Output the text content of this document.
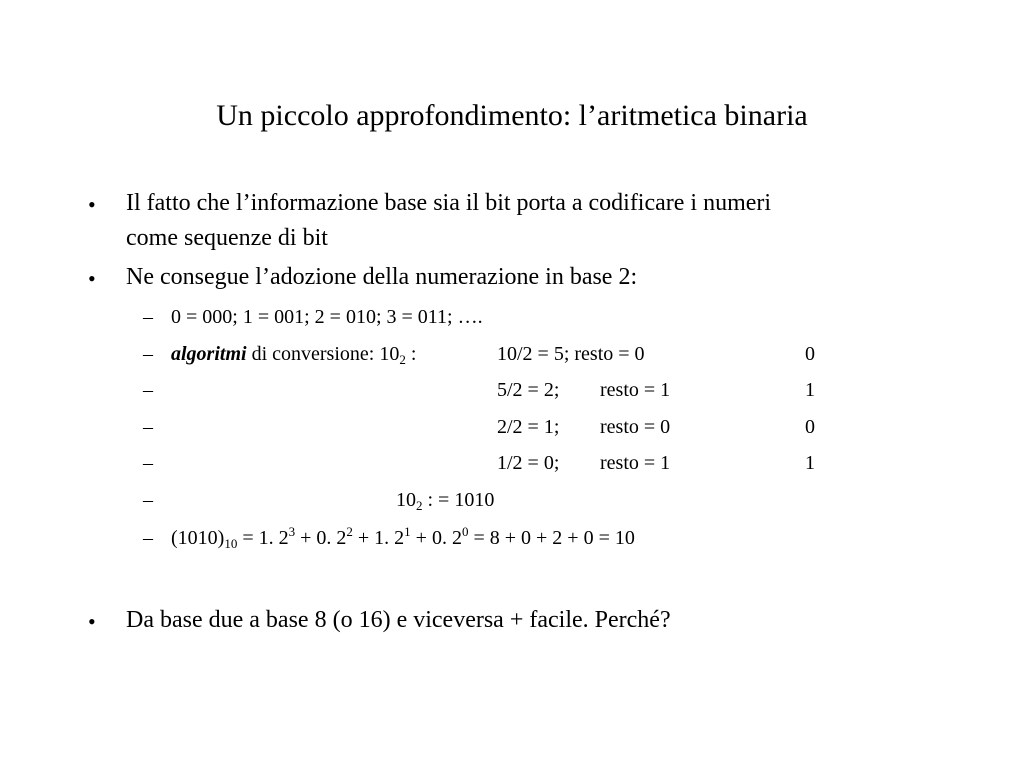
Un piccolo approfondimento: l’aritmetica binaria
• Il fatto che l’informazione base sia il bit porta a codificare i numeri
come sequenze di bit
• Ne consegue l’adozione della numerazione in base 2:
– 0 = 000; 1 = 001; 2 = 010; 3 = 011; ….
– algoritmi di conversione: $10_2$ :	10/2 = 5; resto = 0	0
–	5/2 = 2; resto = 1	1
–	2/2 = 1; resto = 0	0
–	1/2 = 0; resto = 1	1
–	$10_2$ : = 1010
– $(1010)_{10} = 1$. $2^3 + 0$. $2^2 + 1$. $2^1 + 0$. $2^0 = 8 + 0 + 2 + 0 = 10$
• Da base due a base 8 (o 16) e viceversa + facile. Perché?
